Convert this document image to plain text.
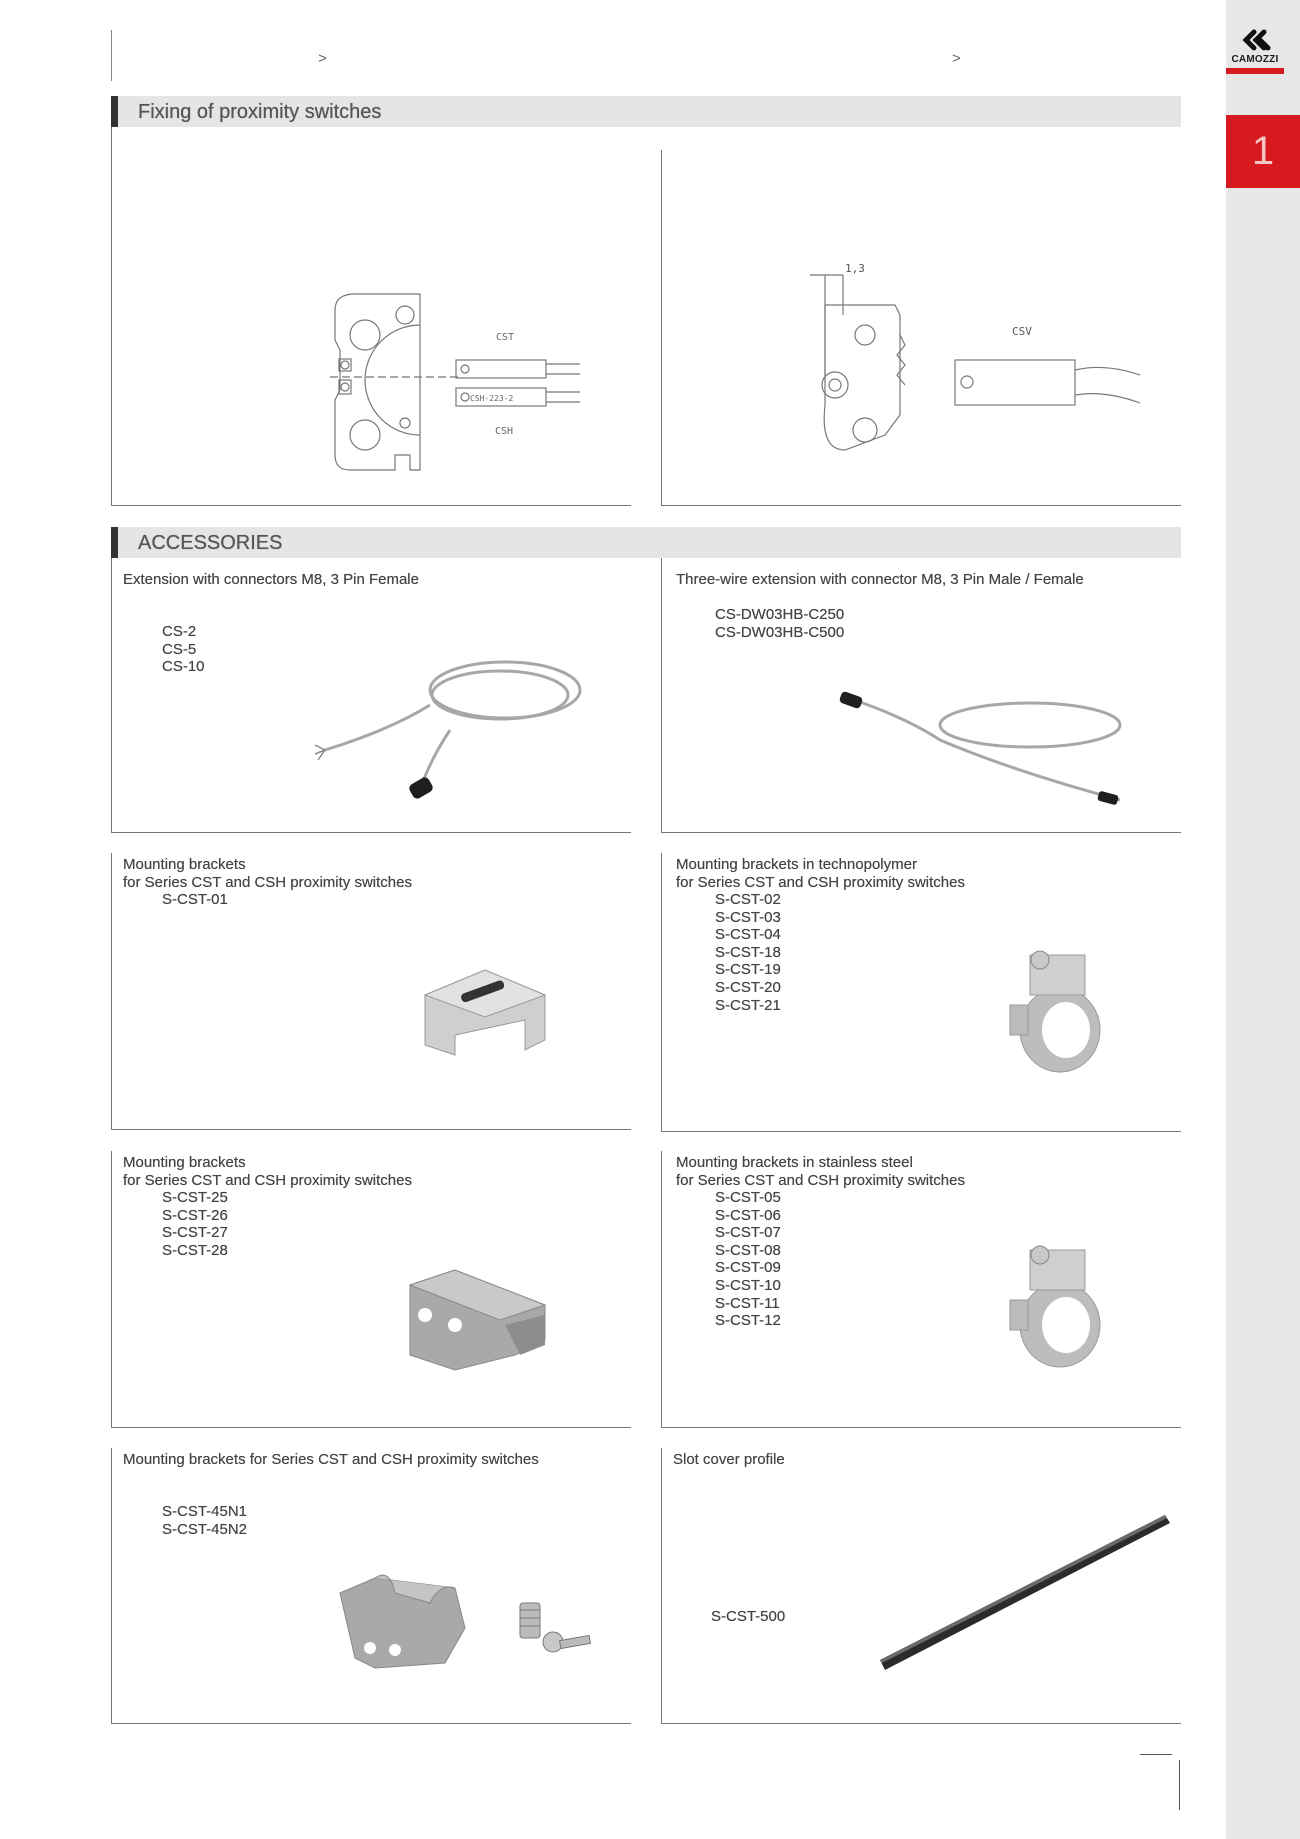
>	>	CAMOZZI
1
Fixing of proximity switches
CST
CSH-223-2
CSH
1,3
CSV
ACCESSORIES
Extension with connectors M8, 3 Pin Female
CS-2
CS-5
CS-10
Three-wire extension with connector M8, 3 Pin Male / Female
CS-DW03HB-C250
CS-DW03HB-C500
Mounting brackets
for Series CST and CSH proximity switches
S-CST-01
Mounting brackets in technopolymer
for Series CST and CSH proximity switches
S-CST-02
S-CST-03
S-CST-04
S-CST-18
S-CST-19
S-CST-20
S-CST-21
Mounting brackets
for Series CST and CSH proximity switches
S-CST-25
S-CST-26
S-CST-27
S-CST-28
Mounting brackets in stainless steel
for Series CST and CSH proximity switches
S-CST-05
S-CST-06
S-CST-07
S-CST-08
S-CST-09
S-CST-10
S-CST-11
S-CST-12
Mounting brackets for Series CST and CSH proximity switches
S-CST-45N1
S-CST-45N2
Slot cover profile
S-CST-500
